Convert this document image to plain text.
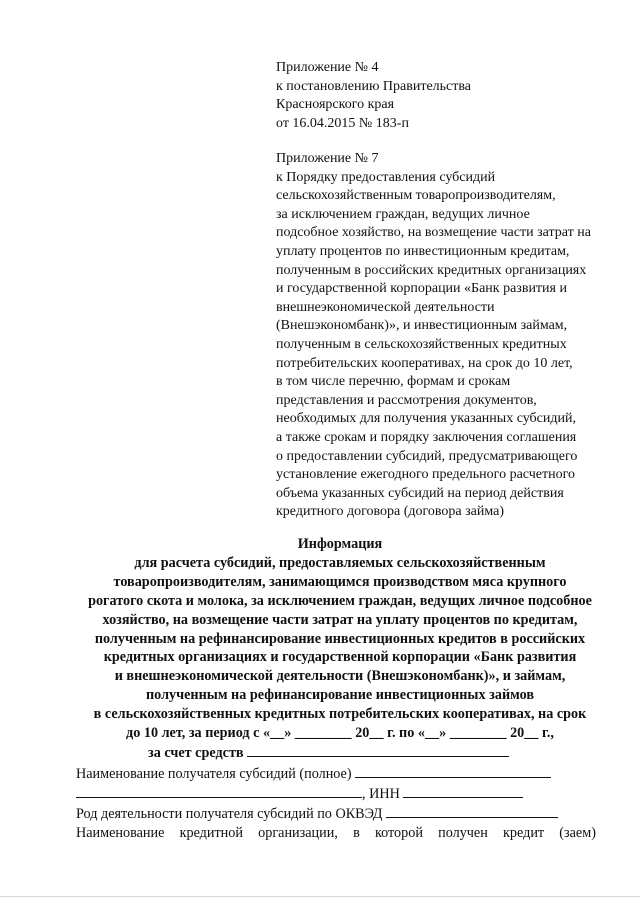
Приложение № 4
к постановлению Правительства
Красноярского края
от 16.04.2015 № 183-п
Приложение № 7
к Порядку предоставления субсидий
сельскохозяйственным товаропроизводителям,
за исключением граждан, ведущих личное
подсобное хозяйство, на возмещение части затрат на
уплату процентов по инвестиционным кредитам,
полученным в российских кредитных организациях
и государственной корпорации «Банк развития и
внешнеэкономической деятельности
(Внешэкономбанк)», и инвестиционным займам,
полученным в сельскохозяйственных кредитных
потребительских кооперативах, на срок до 10 лет,
в том числе перечню, формам и срокам
представления и рассмотрения документов,
необходимых для получения указанных субсидий,
а также срокам и порядку заключения соглашения
о предоставлении субсидий, предусматривающего
установление ежегодного предельного расчетного
объема указанных субсидий на период действия
кредитного договора (договора займа)
Информация
для расчета субсидий, предоставляемых сельскохозяйственным
товаропроизводителям, занимающимся производством мяса крупного
рогатого скота и молока, за исключением граждан, ведущих личное подсобное
хозяйство, на возмещение части затрат на уплату процентов по кредитам,
полученным на рефинансирование инвестиционных кредитов в российских
кредитных организациях и государственной корпорации «Банк развития
и внешнеэкономической деятельности (Внешэкономбанк)», и займам,
полученным на рефинансирование инвестиционных займов
в сельскохозяйственных кредитных потребительских кооперативах, на срок
до 10 лет, за период с «__» ________ 20__ г. по «__» ________ 20__ г.,
за счет средств
Наименование получателя субсидий (полное)
, ИНН
Род деятельности получателя субсидий по ОКВЭД
Наименование кредитной организации, в которой получен кредит (заем)
